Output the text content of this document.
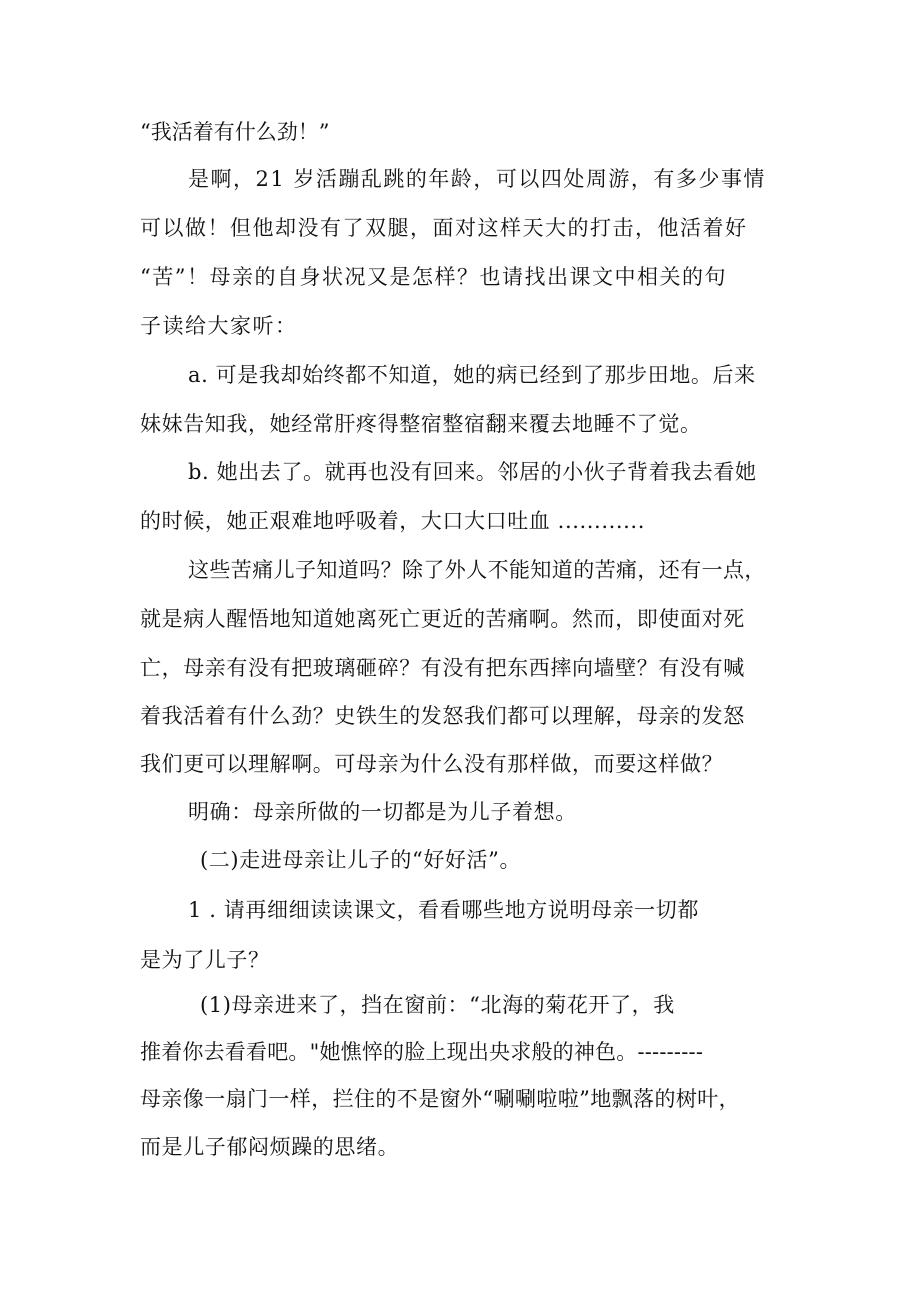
“我活着有什么劲！”

是啊，21 岁活蹦乱跳的年龄，可以四处周游，有多少事情

可以做！但他却没有了双腿，面对这样天大的打击，他活着好

“苦”！母亲的自身状况又是怎样？也请找出课文中相关的句

子读给大家听：

a. 可是我却始终都不知道，她的病已经到了那步田地。后来

妹妹告知我，她经常肝疼得整宿整宿翻来覆去地睡不了觉。

b. 她出去了。就再也没有回来。邻居的小伙子背着我去看她

的时候，她正艰难地呼吸着，大口大口吐血 ............

这些苦痛儿子知道吗？除了外人不能知道的苦痛，还有一点，

就是病人醒悟地知道她离死亡更近的苦痛啊。然而，即使面对死

亡，母亲有没有把玻璃砸碎？有没有把东西摔向墙壁？有没有喊

着我活着有什么劲？史铁生的发怒我们都可以理解，母亲的发怒

我们更可以理解啊。可母亲为什么没有那样做，而要这样做？

明确：母亲所做的一切都是为儿子着想。

(二)走进母亲让儿子的“好好活”。

1 . 请再细细读读课文，看看哪些地方说明母亲一切都

是为了儿子？

(1)母亲进来了，挡在窗前：“北海的菊花开了，我

推着你去看看吧。"她憔悴的脸上现出央求般的神色。---------

母亲像一扇门一样，拦住的不是窗外“唰唰啦啦”地飘落的树叶，

而是儿子郁闷烦躁的思绪。
